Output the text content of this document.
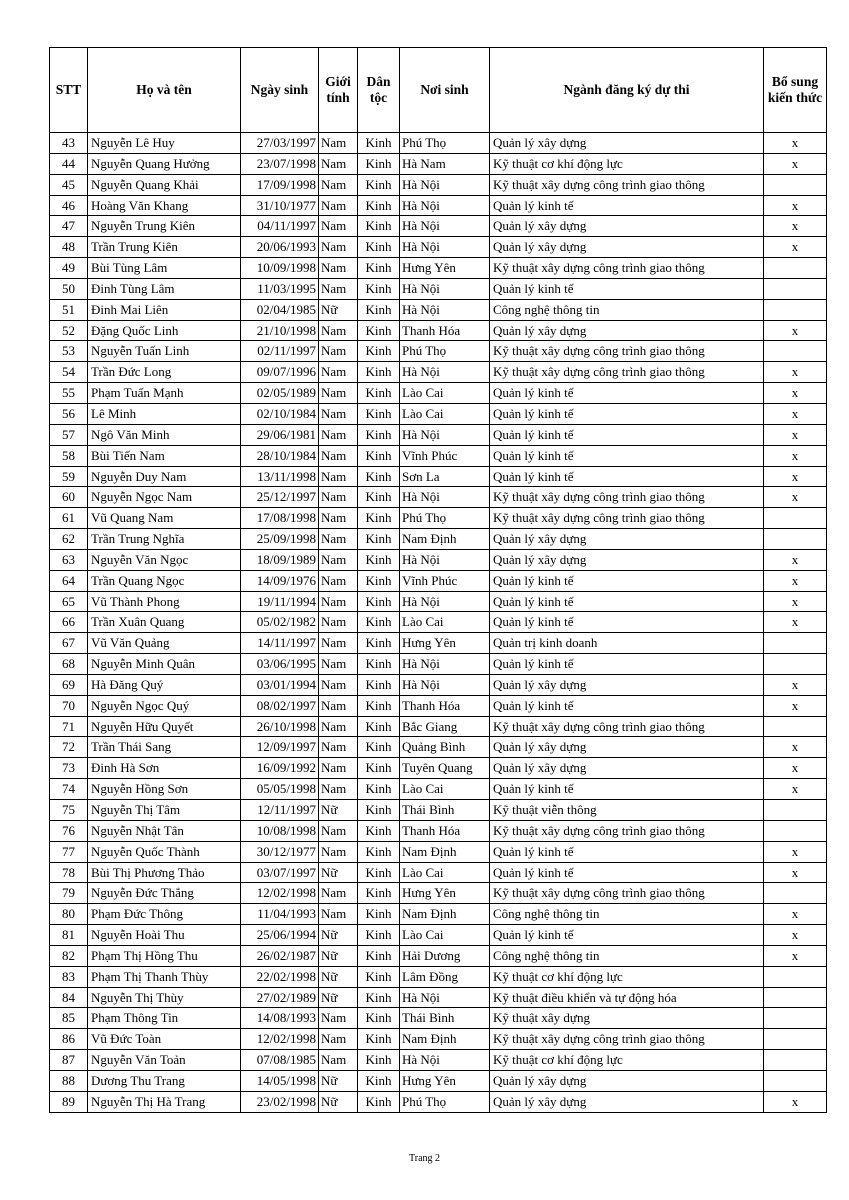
STT	Họ và tên	Ngày sinh	Giới tính	Dân tộc	Nơi sinh	Ngành đăng ký dự thi	Bổ sung kiến thức
43	Nguyễn Lê Huy	27/03/1997	Nam	Kinh	Phú Thọ	Quản lý xây dựng	x
44	Nguyễn Quang Hưởng	23/07/1998	Nam	Kinh	Hà Nam	Kỹ thuật cơ khí động lực	x
45	Nguyễn Quang Khải	17/09/1998	Nam	Kinh	Hà Nội	Kỹ thuật xây dựng công trình giao thông	
46	Hoàng Văn Khang	31/10/1977	Nam	Kinh	Hà Nội	Quản lý kinh tế	x
47	Nguyễn Trung Kiên	04/11/1997	Nam	Kinh	Hà Nội	Quản lý xây dựng	x
48	Trần Trung Kiên	20/06/1993	Nam	Kinh	Hà Nội	Quản lý xây dựng	x
49	Bùi Tùng Lâm	10/09/1998	Nam	Kinh	Hưng Yên	Kỹ thuật xây dựng công trình giao thông	
50	Đinh Tùng Lâm	11/03/1995	Nam	Kinh	Hà Nội	Quản lý kinh tế	
51	Đinh Mai Liên	02/04/1985	Nữ	Kinh	Hà Nội	Công nghệ thông tin	
52	Đặng Quốc Linh	21/10/1998	Nam	Kinh	Thanh Hóa	Quản lý xây dựng	x
53	Nguyễn Tuấn Linh	02/11/1997	Nam	Kinh	Phú Thọ	Kỹ thuật xây dựng công trình giao thông	
54	Trần Đức Long	09/07/1996	Nam	Kinh	Hà Nội	Kỹ thuật xây dựng công trình giao thông	x
55	Phạm Tuấn Mạnh	02/05/1989	Nam	Kinh	Lào Cai	Quản lý kinh tế	x
56	Lê Minh	02/10/1984	Nam	Kinh	Lào Cai	Quản lý kinh tế	x
57	Ngô Văn Minh	29/06/1981	Nam	Kinh	Hà Nội	Quản lý kinh tế	x
58	Bùi Tiến Nam	28/10/1984	Nam	Kinh	Vĩnh Phúc	Quản lý kinh tế	x
59	Nguyễn Duy Nam	13/11/1998	Nam	Kinh	Sơn La	Quản lý kinh tế	x
60	Nguyễn Ngọc Nam	25/12/1997	Nam	Kinh	Hà Nội	Kỹ thuật xây dựng công trình giao thông	x
61	Vũ Quang Nam	17/08/1998	Nam	Kinh	Phú Thọ	Kỹ thuật xây dựng công trình giao thông	
62	Trần Trung Nghĩa	25/09/1998	Nam	Kinh	Nam Định	Quản lý xây dựng	
63	Nguyễn Văn Ngọc	18/09/1989	Nam	Kinh	Hà Nội	Quản lý xây dựng	x
64	Trần Quang Ngọc	14/09/1976	Nam	Kinh	Vĩnh Phúc	Quản lý kinh tế	x
65	Vũ Thành Phong	19/11/1994	Nam	Kinh	Hà Nội	Quản lý kinh tế	x
66	Trần Xuân Quang	05/02/1982	Nam	Kinh	Lào Cai	Quản lý kinh tế	x
67	Vũ Văn Quảng	14/11/1997	Nam	Kinh	Hưng Yên	Quản trị kinh doanh	
68	Nguyễn Minh Quân	03/06/1995	Nam	Kinh	Hà Nội	Quản lý kinh tế	
69	Hà Đăng Quý	03/01/1994	Nam	Kinh	Hà Nội	Quản lý xây dựng	x
70	Nguyễn Ngọc Quý	08/02/1997	Nam	Kinh	Thanh Hóa	Quản lý kinh tế	x
71	Nguyễn Hữu Quyết	26/10/1998	Nam	Kinh	Bắc Giang	Kỹ thuật xây dựng công trình giao thông	
72	Trần Thái Sang	12/09/1997	Nam	Kinh	Quảng Bình	Quản lý xây dựng	x
73	Đinh Hà Sơn	16/09/1992	Nam	Kinh	Tuyên Quang	Quản lý xây dựng	x
74	Nguyễn Hồng Sơn	05/05/1998	Nam	Kinh	Lào Cai	Quản lý kinh tế	x
75	Nguyễn Thị Tâm	12/11/1997	Nữ	Kinh	Thái Bình	Kỹ thuật viễn thông	
76	Nguyễn Nhật Tân	10/08/1998	Nam	Kinh	Thanh Hóa	Kỹ thuật xây dựng công trình giao thông	
77	Nguyễn Quốc Thành	30/12/1977	Nam	Kinh	Nam Định	Quản lý kinh tế	x
78	Bùi Thị Phương Thảo	03/07/1997	Nữ	Kinh	Lào Cai	Quản lý kinh tế	x
79	Nguyễn Đức Thắng	12/02/1998	Nam	Kinh	Hưng Yên	Kỹ thuật xây dựng công trình giao thông	
80	Phạm Đức Thông	11/04/1993	Nam	Kinh	Nam Định	Công nghệ thông tin	x
81	Nguyễn Hoài Thu	25/06/1994	Nữ	Kinh	Lào Cai	Quản lý kinh tế	x
82	Phạm Thị Hồng Thu	26/02/1987	Nữ	Kinh	Hải Dương	Công nghệ thông tin	x
83	Phạm Thị Thanh Thùy	22/02/1998	Nữ	Kinh	Lâm Đồng	Kỹ thuật cơ khí động lực	
84	Nguyễn Thị Thùy	27/02/1989	Nữ	Kinh	Hà Nội	Kỹ thuật điều khiển và tự động hóa	
85	Phạm Thông Tin	14/08/1993	Nam	Kinh	Thái Bình	Kỹ thuật xây dựng	
86	Vũ Đức Toàn	12/02/1998	Nam	Kinh	Nam Định	Kỹ thuật xây dựng công trình giao thông	
87	Nguyễn Văn Toản	07/08/1985	Nam	Kinh	Hà Nội	Kỹ thuật cơ khí động lực	
88	Dương Thu Trang	14/05/1998	Nữ	Kinh	Hưng Yên	Quản lý xây dựng	
89	Nguyễn Thị Hà Trang	23/02/1998	Nữ	Kinh	Phú Thọ	Quản lý xây dựng	x
Trang 2
